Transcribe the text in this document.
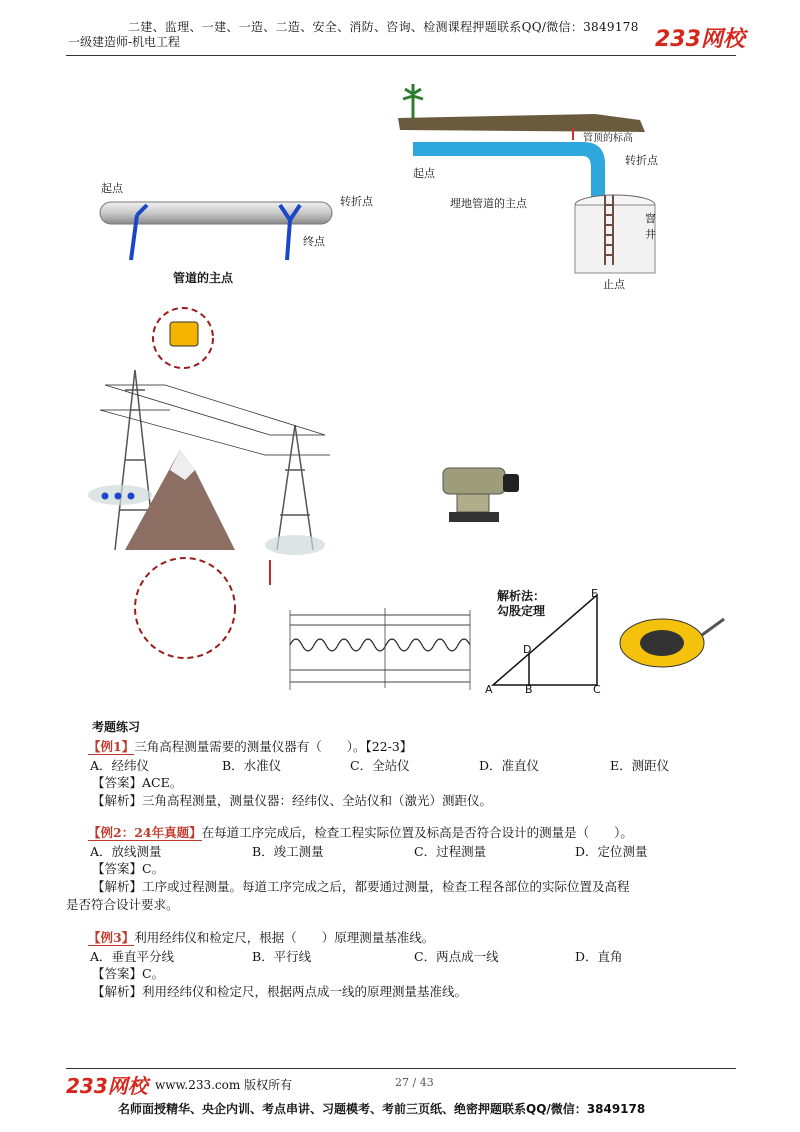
二建、监理、一建、一造、二造、安全、消防、咨询、检测课程押题联系QQ/微信：3849178
一级建造师-机电工程	233网校
起点
转折点
终点
管道的主点
管顶的标高
转折点
起点
埋地管道的主点
窨井
止点
解析法：
勾股定理
A	B	C
D
E
考题练习
【例1】三角高程测量需要的测量仪器有（　　）。【22-3】
A．经纬仪	B．水准仪	C．全站仪	D．准直仪	E．测距仪
【答案】ACE。
【解析】三角高程测量，测量仪器：经纬仪、全站仪和（激光）测距仪。
【例2：24年真题】在每道工序完成后，检查工程实际位置及标高是否符合设计的测量是（　　）。
A．放线测量	B．竣工测量	C．过程测量	D．定位测量
【答案】C。
【解析】工序或过程测量。每道工序完成之后，都要通过测量，检查工程各部位的实际位置及高程
是否符合设计要求。
【例3】利用经纬仪和检定尺，根据（　　）原理测量基准线。
A．垂直平分线	B．平行线	C．两点成一线	D．直角
【答案】C。
【解析】利用经纬仪和检定尺，根据两点成一线的原理测量基准线。
233网校 www.233.com 版权所有	27 / 43
名师面授精华、央企内训、考点串讲、习题模考、考前三页纸、绝密押题联系QQ/微信：3849178
